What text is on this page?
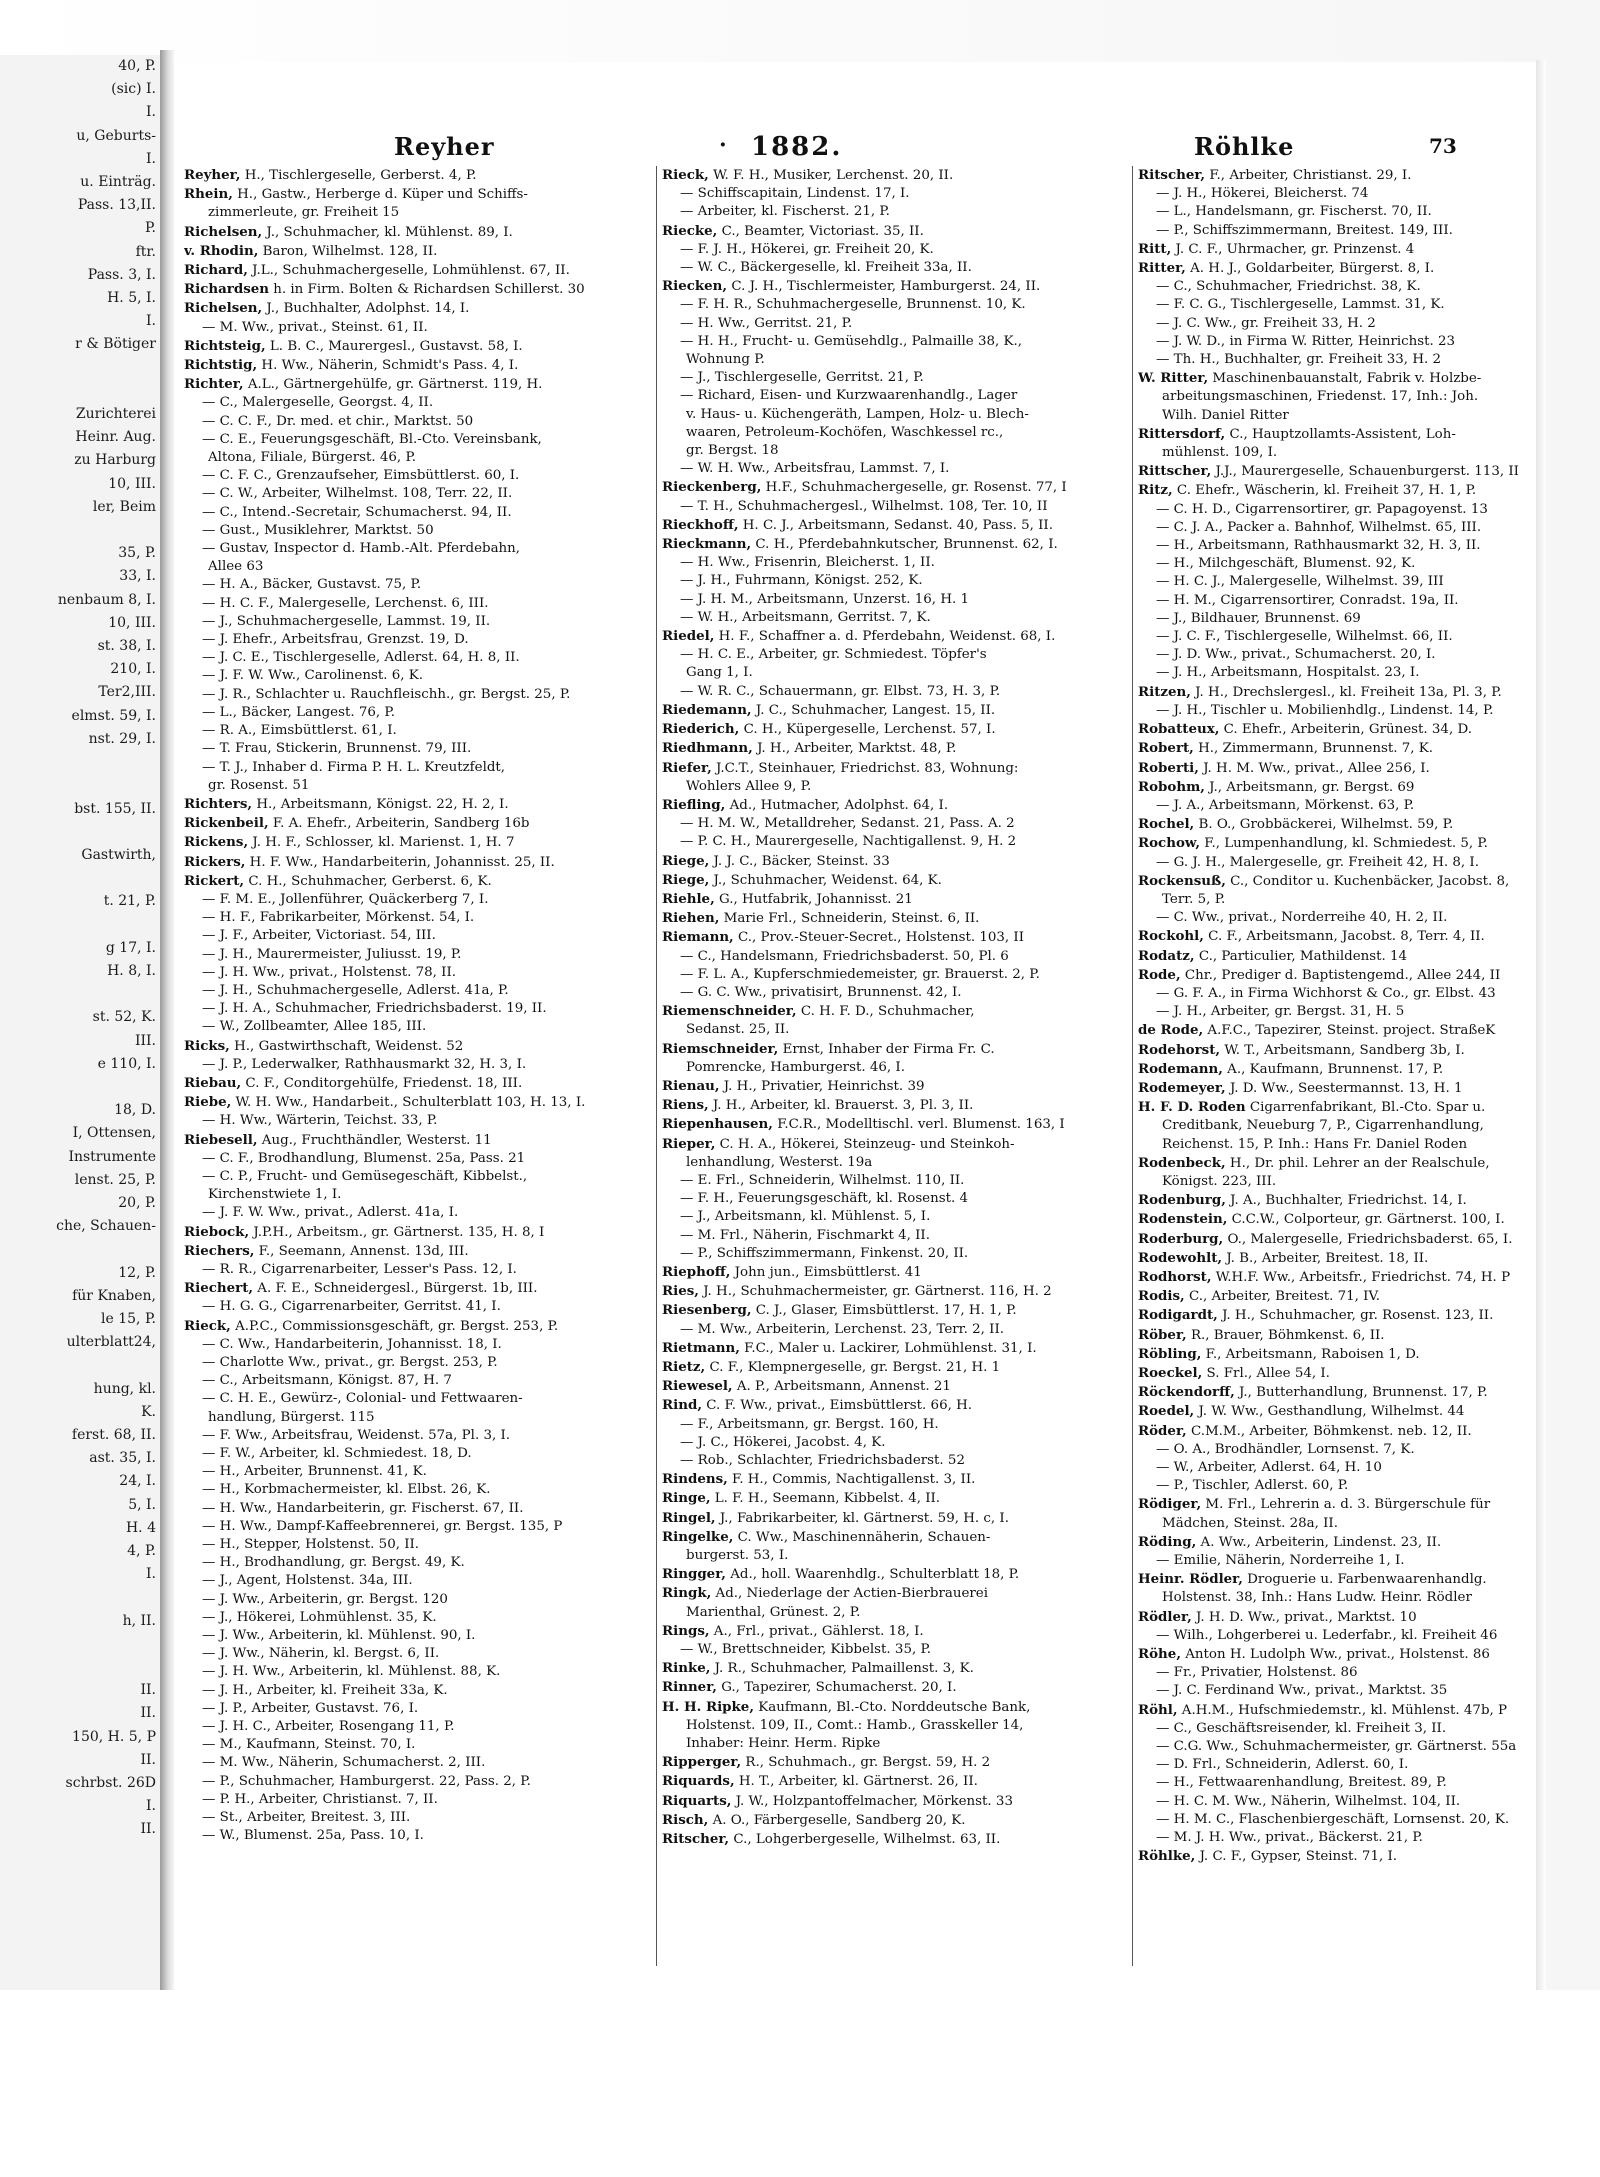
40, P.
(sic) I.
I.
u, Geburts-
I.
u. Einträg.
Pass. 13,II.
P.
ftr.
Pass. 3, I.
H. 5, I.
I.
r & Bötiger

Zurichterei
Heinr. Aug.
zu Harburg
10, III.
ler, Beim

35, P.
33, I.
nenbaum 8, I.
10, III.
st. 38, I.
210, I.
Ter2,III.
elmst. 59, I.
nst. 29, I.

bst. 155, II.

Gastwirth,

t. 21, P.

g 17, I.
H. 8, I.

st. 52, K.
III.
e 110, I.

18, D.
I, Ottensen,
Instrumente
lenst. 25, P.
20, P.
che, Schauen-

12, P.
für Knaben,
le 15, P.
ulterblatt24,

hung, kl.
K.
ferst. 68, II.
ast. 35, I.
24, I.
5, I.
H. 4
4, P.
I.

h, II.

II.
II.
150, H. 5, P
II.
schrbst. 26D
I.
II.
Reyher	· 1882.	Röhlke	73
Reyher, H., Tischlergeselle, Gerberst. 4, P.
Rhein, H., Gastw., Herberge d. Küper und Schiffs-
zimmerleute, gr. Freiheit 15
Richelsen, J., Schuhmacher, kl. Mühlenst. 89, I.
v. Rhodin, Baron, Wilhelmst. 128, II.
Richard, J.L., Schuhmachergeselle, Lohmühlenst. 67, II.
Richardsen h. in Firm. Bolten & Richardsen Schillerst. 30
Richelsen, J., Buchhalter, Adolphst. 14, I.
— M. Ww., privat., Steinst. 61, II.
Richtsteig, L. B. C., Maurergesl., Gustavst. 58, I.
Richtstig, H. Ww., Näherin, Schmidt's Pass. 4, I.
Richter, A.L., Gärtnergehülfe, gr. Gärtnerst. 119, H.
— C., Malergeselle, Georgst. 4, II.
— C. C. F., Dr. med. et chir., Marktst. 50
— C. E., Feuerungsgeschäft, Bl.-Cto. Vereinsbank,
Altona, Filiale, Bürgerst. 46, P.
— C. F. C., Grenzaufseher, Eimsbüttlerst. 60, I.
— C. W., Arbeiter, Wilhelmst. 108, Terr. 22, II.
— C., Intend.-Secretair, Schumacherst. 94, II.
— Gust., Musiklehrer, Marktst. 50
— Gustav, Inspector d. Hamb.-Alt. Pferdebahn,
Allee 63
— H. A., Bäcker, Gustavst. 75, P.
— H. C. F., Malergeselle, Lerchenst. 6, III.
— J., Schuhmachergeselle, Lammst. 19, II.
— J. Ehefr., Arbeitsfrau, Grenzst. 19, D.
— J. C. E., Tischlergeselle, Adlerst. 64, H. 8, II.
— J. F. W. Ww., Carolinenst. 6, K.
— J. R., Schlachter u. Rauchfleischh., gr. Bergst. 25, P.
— L., Bäcker, Langest. 76, P.
— R. A., Eimsbüttlerst. 61, I.
— T. Frau, Stickerin, Brunnenst. 79, III.
— T. J., Inhaber d. Firma P. H. L. Kreutzfeldt,
gr. Rosenst. 51
Richters, H., Arbeitsmann, Königst. 22, H. 2, I.
Rickenbeil, F. A. Ehefr., Arbeiterin, Sandberg 16b
Rickens, J. H. F., Schlosser, kl. Marienst. 1, H. 7
Rickers, H. F. Ww., Handarbeiterin, Johannisst. 25, II.
Rickert, C. H., Schuhmacher, Gerberst. 6, K.
— F. M. E., Jollenführer, Quäckerberg 7, I.
— H. F., Fabrikarbeiter, Mörkenst. 54, I.
— J. F., Arbeiter, Victoriast. 54, III.
— J. H., Maurermeister, Juliusst. 19, P.
— J. H. Ww., privat., Holstenst. 78, II.
— J. H., Schuhmachergeselle, Adlerst. 41a, P.
— J. H. A., Schuhmacher, Friedrichsbaderst. 19, II.
— W., Zollbeamter, Allee 185, III.
Ricks, H., Gastwirthschaft, Weidenst. 52
— J. P., Lederwalker, Rathhausmarkt 32, H. 3, I.
Riebau, C. F., Conditorgehülfe, Friedenst. 18, III.
Riebe, W. H. Ww., Handarbeit., Schulterblatt 103, H. 13, I.
— H. Ww., Wärterin, Teichst. 33, P.
Riebesell, Aug., Fruchthändler, Westerst. 11
— C. F., Brodhandlung, Blumenst. 25a, Pass. 21
— C. P., Frucht- und Gemüsegeschäft, Kibbelst.,
Kirchenstwiete 1, I.
— J. F. W. Ww., privat., Adlerst. 41a, I.
Riebock, J.P.H., Arbeitsm., gr. Gärtnerst. 135, H. 8, I
Riechers, F., Seemann, Annenst. 13d, III.
— R. R., Cigarrenarbeiter, Lesser's Pass. 12, I.
Riechert, A. F. E., Schneidergesl., Bürgerst. 1b, III.
— H. G. G., Cigarrenarbeiter, Gerritst. 41, I.
Rieck, A.P.C., Commissionsgeschäft, gr. Bergst. 253, P.
— C. Ww., Handarbeiterin, Johannisst. 18, I.
— Charlotte Ww., privat., gr. Bergst. 253, P.
— C., Arbeitsmann, Königst. 87, H. 7
— C. H. E., Gewürz-, Colonial- und Fettwaaren-
handlung, Bürgerst. 115
— F. Ww., Arbeitsfrau, Weidenst. 57a, Pl. 3, I.
— F. W., Arbeiter, kl. Schmiedest. 18, D.
— H., Arbeiter, Brunnenst. 41, K.
— H., Korbmachermeister, kl. Elbst. 26, K.
— H. Ww., Handarbeiterin, gr. Fischerst. 67, II.
— H. Ww., Dampf-Kaffeebrennerei, gr. Bergst. 135, P
— H., Stepper, Holstenst. 50, II.
— H., Brodhandlung, gr. Bergst. 49, K.
— J., Agent, Holstenst. 34a, III.
— J. Ww., Arbeiterin, gr. Bergst. 120
— J., Hökerei, Lohmühlenst. 35, K.
— J. Ww., Arbeiterin, kl. Mühlenst. 90, I.
— J. Ww., Näherin, kl. Bergst. 6, II.
— J. H. Ww., Arbeiterin, kl. Mühlenst. 88, K.
— J. H., Arbeiter, kl. Freiheit 33a, K.
— J. P., Arbeiter, Gustavst. 76, I.
— J. H. C., Arbeiter, Rosengang 11, P.
— M., Kaufmann, Steinst. 70, I.
— M. Ww., Näherin, Schumacherst. 2, III.
— P., Schuhmacher, Hamburgerst. 22, Pass. 2, P.
— P. H., Arbeiter, Christianst. 7, II.
— St., Arbeiter, Breitest. 3, III.
— W., Blumenst. 25a, Pass. 10, I.
Rieck, W. F. H., Musiker, Lerchenst. 20, II.
— Schiffscapitain, Lindenst. 17, I.
— Arbeiter, kl. Fischerst. 21, P.
Riecke, C., Beamter, Victoriast. 35, II.
— F. J. H., Hökerei, gr. Freiheit 20, K.
— W. C., Bäckergeselle, kl. Freiheit 33a, II.
Riecken, C. J. H., Tischlermeister, Hamburgerst. 24, II.
— F. H. R., Schuhmachergeselle, Brunnenst. 10, K.
— H. Ww., Gerritst. 21, P.
— H. H., Frucht- u. Gemüsehdlg., Palmaille 38, K.,
Wohnung P.
— J., Tischlergeselle, Gerritst. 21, P.
— Richard, Eisen- und Kurzwaarenhandlg., Lager
v. Haus- u. Küchengeräth, Lampen, Holz- u. Blech-
waaren, Petroleum-Kochöfen, Waschkessel rc.,
gr. Bergst. 18
— W. H. Ww., Arbeitsfrau, Lammst. 7, I.
Rieckenberg, H.F., Schuhmachergeselle, gr. Rosenst. 77, I
— T. H., Schuhmachergesl., Wilhelmst. 108, Ter. 10, II
Rieckhoff, H. C. J., Arbeitsmann, Sedanst. 40, Pass. 5, II.
Rieckmann, C. H., Pferdebahnkutscher, Brunnenst. 62, I.
— H. Ww., Frisenrin, Bleicherst. 1, II.
— J. H., Fuhrmann, Königst. 252, K.
— J. H. M., Arbeitsmann, Unzerst. 16, H. 1
— W. H., Arbeitsmann, Gerritst. 7, K.
Riedel, H. F., Schaffner a. d. Pferdebahn, Weidenst. 68, I.
— H. C. E., Arbeiter, gr. Schmiedest. Töpfer's
Gang 1, I.
— W. R. C., Schauermann, gr. Elbst. 73, H. 3, P.
Riedemann, J. C., Schuhmacher, Langest. 15, II.
Riederich, C. H., Küpergeselle, Lerchenst. 57, I.
Riedhmann, J. H., Arbeiter, Marktst. 48, P.
Riefer, J.C.T., Steinhauer, Friedrichst. 83, Wohnung:
Wohlers Allee 9, P.
Riefling, Ad., Hutmacher, Adolphst. 64, I.
— H. M. W., Metalldreher, Sedanst. 21, Pass. A. 2
— P. C. H., Maurergeselle, Nachtigallenst. 9, H. 2
Riege, J. J. C., Bäcker, Steinst. 33
Riege, J., Schuhmacher, Weidenst. 64, K.
Riehle, G., Hutfabrik, Johannisst. 21
Riehen, Marie Frl., Schneiderin, Steinst. 6, II.
Riemann, C., Prov.-Steuer-Secret., Holstenst. 103, II
— C., Handelsmann, Friedrichsbaderst. 50, Pl. 6
— F. L. A., Kupferschmiedemeister, gr. Brauerst. 2, P.
— G. C. Ww., privatisirt, Brunnenst. 42, I.
Riemenschneider, C. H. F. D., Schuhmacher,
Sedanst. 25, II.
Riemschneider, Ernst, Inhaber der Firma Fr. C.
Pomrencke, Hamburgerst. 46, I.
Rienau, J. H., Privatier, Heinrichst. 39
Riens, J. H., Arbeiter, kl. Brauerst. 3, Pl. 3, II.
Riepenhausen, F.C.R., Modelltischl. verl. Blumenst. 163, I
Rieper, C. H. A., Hökerei, Steinzeug- und Steinkoh-
lenhandlung, Westerst. 19a
— E. Frl., Schneiderin, Wilhelmst. 110, II.
— F. H., Feuerungsgeschäft, kl. Rosenst. 4
— J., Arbeitsmann, kl. Mühlenst. 5, I.
— M. Frl., Näherin, Fischmarkt 4, II.
— P., Schiffszimmermann, Finkenst. 20, II.
Riephoff, John jun., Eimsbüttlerst. 41
Ries, J. H., Schuhmachermeister, gr. Gärtnerst. 116, H. 2
Riesenberg, C. J., Glaser, Eimsbüttlerst. 17, H. 1, P.
— M. Ww., Arbeiterin, Lerchenst. 23, Terr. 2, II.
Rietmann, F.C., Maler u. Lackirer, Lohmühlenst. 31, I.
Rietz, C. F., Klempnergeselle, gr. Bergst. 21, H. 1
Riewesel, A. P., Arbeitsmann, Annenst. 21
Rind, C. F. Ww., privat., Eimsbüttlerst. 66, H.
— F., Arbeitsmann, gr. Bergst. 160, H.
— J. C., Hökerei, Jacobst. 4, K.
— Rob., Schlachter, Friedrichsbaderst. 52
Rindens, F. H., Commis, Nachtigallenst. 3, II.
Ringe, L. F. H., Seemann, Kibbelst. 4, II.
Ringel, J., Fabrikarbeiter, kl. Gärtnerst. 59, H. c, I.
Ringelke, C. Ww., Maschinennäherin, Schauen-
burgerst. 53, I.
Ringger, Ad., holl. Waarenhdlg., Schulterblatt 18, P.
Ringk, Ad., Niederlage der Actien-Bierbrauerei
Marienthal, Grünest. 2, P.
Rings, A., Frl., privat., Gählerst. 18, I.
— W., Brettschneider, Kibbelst. 35, P.
Rinke, J. R., Schuhmacher, Palmaillenst. 3, K.
Rinner, G., Tapezirer, Schumacherst. 20, I.
H. H. Ripke, Kaufmann, Bl.-Cto. Norddeutsche Bank,
Holstenst. 109, II., Comt.: Hamb., Grasskeller 14,
Inhaber: Heinr. Herm. Ripke
Ripperger, R., Schuhmach., gr. Bergst. 59, H. 2
Riquards, H. T., Arbeiter, kl. Gärtnerst. 26, II.
Riquarts, J. W., Holzpantoffelmacher, Mörkenst. 33
Risch, A. O., Färbergeselle, Sandberg 20, K.
Ritscher, C., Lohgerbergeselle, Wilhelmst. 63, II.
Ritscher, F., Arbeiter, Christianst. 29, I.
— J. H., Hökerei, Bleicherst. 74
— L., Handelsmann, gr. Fischerst. 70, II.
— P., Schiffszimmermann, Breitest. 149, III.
Ritt, J. C. F., Uhrmacher, gr. Prinzenst. 4
Ritter, A. H. J., Goldarbeiter, Bürgerst. 8, I.
— C., Schuhmacher, Friedrichst. 38, K.
— F. C. G., Tischlergeselle, Lammst. 31, K.
— J. C. Ww., gr. Freiheit 33, H. 2
— J. W. D., in Firma W. Ritter, Heinrichst. 23
— Th. H., Buchhalter, gr. Freiheit 33, H. 2
W. Ritter, Maschinenbauanstalt, Fabrik v. Holzbe-
arbeitungsmaschinen, Friedenst. 17, Inh.: Joh.
Wilh. Daniel Ritter
Rittersdorf, C., Hauptzollamts-Assistent, Loh-
mühlenst. 109, I.
Rittscher, J.J., Maurergeselle, Schauenburgerst. 113, II
Ritz, C. Ehefr., Wäscherin, kl. Freiheit 37, H. 1, P.
— C. H. D., Cigarrensortirer, gr. Papagoyenst. 13
— C. J. A., Packer a. Bahnhof, Wilhelmst. 65, III.
— H., Arbeitsmann, Rathhausmarkt 32, H. 3, II.
— H., Milchgeschäft, Blumenst. 92, K.
— H. C. J., Malergeselle, Wilhelmst. 39, III
— H. M., Cigarrensortirer, Conradst. 19a, II.
— J., Bildhauer, Brunnenst. 69
— J. C. F., Tischlergeselle, Wilhelmst. 66, II.
— J. D. Ww., privat., Schumacherst. 20, I.
— J. H., Arbeitsmann, Hospitalst. 23, I.
Ritzen, J. H., Drechslergesl., kl. Freiheit 13a, Pl. 3, P.
— J. H., Tischler u. Mobilienhdlg., Lindenst. 14, P.
Robatteux, C. Ehefr., Arbeiterin, Grünest. 34, D.
Robert, H., Zimmermann, Brunnenst. 7, K.
Roberti, J. H. M. Ww., privat., Allee 256, I.
Robohm, J., Arbeitsmann, gr. Bergst. 69
— J. A., Arbeitsmann, Mörkenst. 63, P.
Rochel, B. O., Grobbäckerei, Wilhelmst. 59, P.
Rochow, F., Lumpenhandlung, kl. Schmiedest. 5, P.
— G. J. H., Malergeselle, gr. Freiheit 42, H. 8, I.
Rockensuß, C., Conditor u. Kuchenbäcker, Jacobst. 8,
Terr. 5, P.
— C. Ww., privat., Norderreihe 40, H. 2, II.
Rockohl, C. F., Arbeitsmann, Jacobst. 8, Terr. 4, II.
Rodatz, C., Particulier, Mathildenst. 14
Rode, Chr., Prediger d. Baptistengemd., Allee 244, II
— G. F. A., in Firma Wichhorst & Co., gr. Elbst. 43
— J. H., Arbeiter, gr. Bergst. 31, H. 5
de Rode, A.F.C., Tapezirer, Steinst. project. StraßeK
Rodehorst, W. T., Arbeitsmann, Sandberg 3b, I.
Rodemann, A., Kaufmann, Brunnenst. 17, P.
Rodemeyer, J. D. Ww., Seestermannst. 13, H. 1
H. F. D. Roden Cigarrenfabrikant, Bl.-Cto. Spar u.
Creditbank, Neueburg 7, P., Cigarrenhandlung,
Reichenst. 15, P. Inh.: Hans Fr. Daniel Roden
Rodenbeck, H., Dr. phil. Lehrer an der Realschule,
Königst. 223, III.
Rodenburg, J. A., Buchhalter, Friedrichst. 14, I.
Rodenstein, C.C.W., Colporteur, gr. Gärtnerst. 100, I.
Roderburg, O., Malergeselle, Friedrichsbaderst. 65, I.
Rodewohlt, J. B., Arbeiter, Breitest. 18, II.
Rodhorst, W.H.F. Ww., Arbeitsfr., Friedrichst. 74, H. P
Rodis, C., Arbeiter, Breitest. 71, IV.
Rodigardt, J. H., Schuhmacher, gr. Rosenst. 123, II.
Röber, R., Brauer, Böhmkenst. 6, II.
Röbling, F., Arbeitsmann, Raboisen 1, D.
Roeckel, S. Frl., Allee 54, I.
Röckendorff, J., Butterhandlung, Brunnenst. 17, P.
Roedel, J. W. Ww., Gesthandlung, Wilhelmst. 44
Röder, C.M.M., Arbeiter, Böhmkenst. neb. 12, II.
— O. A., Brodhändler, Lornsenst. 7, K.
— W., Arbeiter, Adlerst. 64, H. 10
— P., Tischler, Adlerst. 60, P.
Rödiger, M. Frl., Lehrerin a. d. 3. Bürgerschule für
Mädchen, Steinst. 28a, II.
Röding, A. Ww., Arbeiterin, Lindenst. 23, II.
— Emilie, Näherin, Norderreihe 1, I.
Heinr. Rödler, Droguerie u. Farbenwaarenhandlg.
Holstenst. 38, Inh.: Hans Ludw. Heinr. Rödler
Rödler, J. H. D. Ww., privat., Marktst. 10
— Wilh., Lohgerberei u. Lederfabr., kl. Freiheit 46
Röhe, Anton H. Ludolph Ww., privat., Holstenst. 86
— Fr., Privatier, Holstenst. 86
— J. C. Ferdinand Ww., privat., Marktst. 35
Röhl, A.H.M., Hufschmiedemstr., kl. Mühlenst. 47b, P
— C., Geschäftsreisender, kl. Freiheit 3, II.
— C.G. Ww., Schuhmachermeister, gr. Gärtnerst. 55a
— D. Frl., Schneiderin, Adlerst. 60, I.
— H., Fettwaarenhandlung, Breitest. 89, P.
— H. C. M. Ww., Näherin, Wilhelmst. 104, II.
— H. M. C., Flaschenbiergeschäft, Lornsenst. 20, K.
— M. J. H. Ww., privat., Bäckerst. 21, P.
Röhlke, J. C. F., Gypser, Steinst. 71, I.
